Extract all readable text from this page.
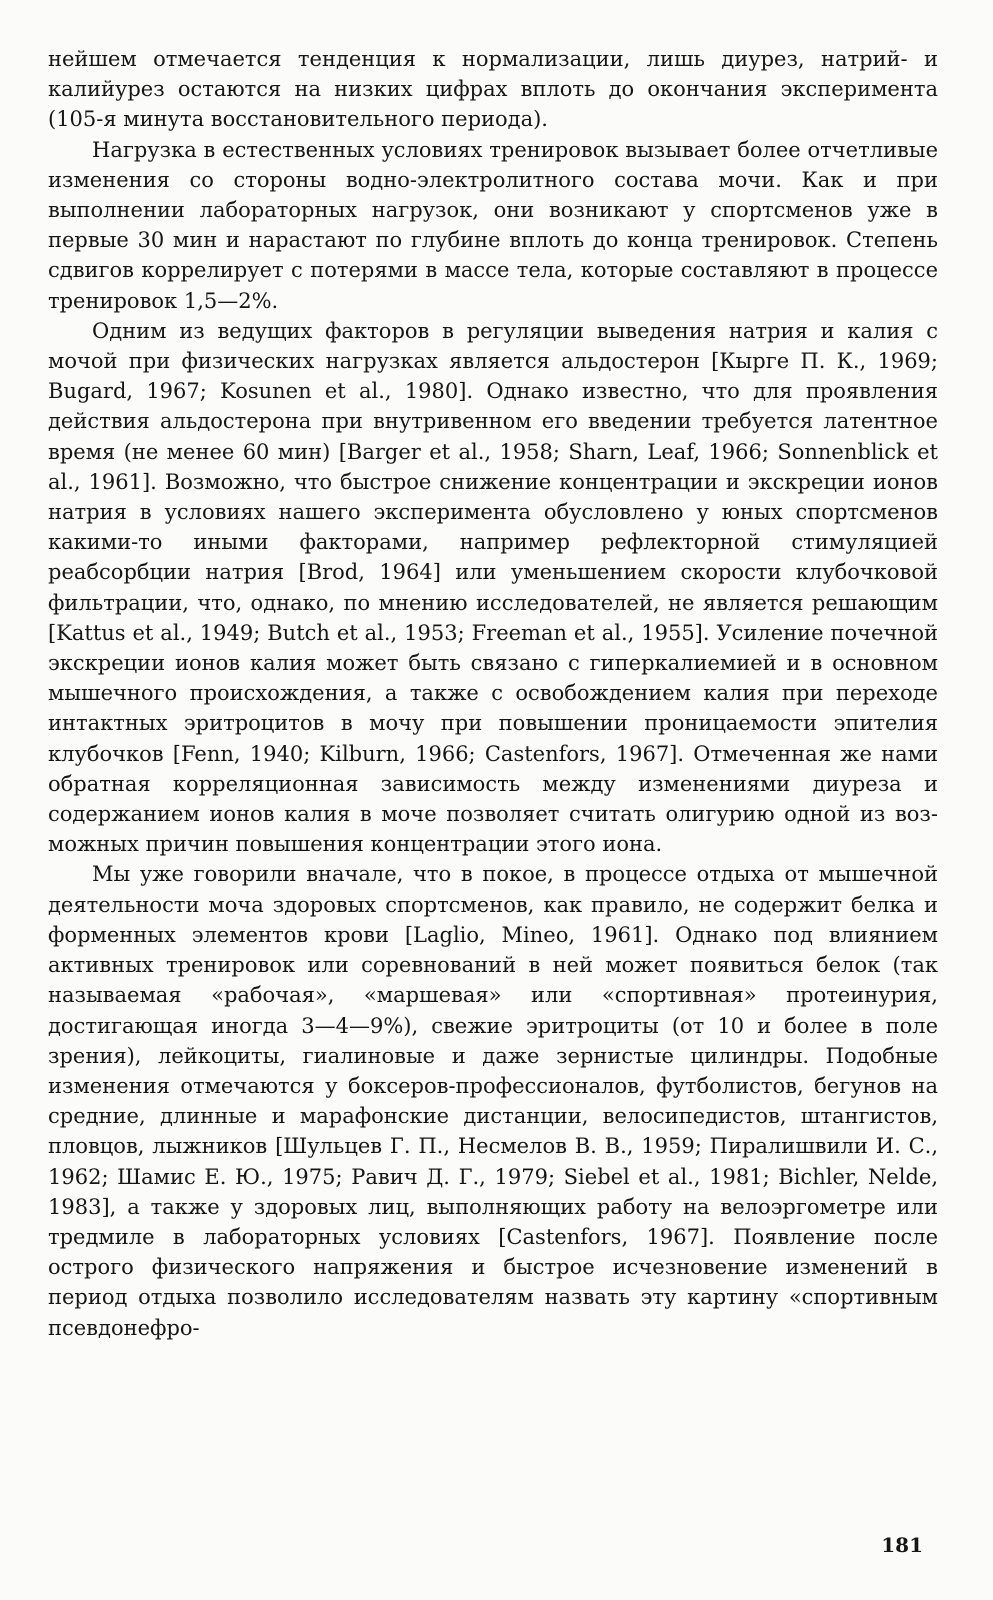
нейшем отмечается тенденция к нормализации, лишь диурез, натрий- и калийурез остаются на низких цифрах вплоть до окончания эксперимента (105-я минута восстановительного периода).

Нагрузка в естественных условиях тренировок вызывает более отчетливые изменения со стороны водно-электролитного состава мочи. Как и при выполнении лабораторных нагрузок, они возникают у спортсменов уже в первые 30 мин и нарастают по глубине вплоть до конца тренировок. Степень сдвигов коррелирует с потерями в массе тела, которые составляют в процессе тренировок 1,5—2%.

Одним из ведущих факторов в регуляции выведения натрия и калия с мочой при физических нагрузках является альдостерон [Кырге П. К., 1969; Bugard, 1967; Kosunen et al., 1980]. Однако известно, что для проявления действия альдостерона при внутривенном его введении требуется латентное время (не менее 60 мин) [Barger et al., 1958; Sharn, Leaf, 1966; Sonnenblick et al., 1961]. Возможно, что быстрое снижение концентрации и экскреции ионов натрия в условиях нашего эксперимента обусловлено у юных спортсменов какими-то иными факторами, например рефлекторной стимуляцией реабсорбции натрия [Brod, 1964] или уменьшением скорости клубочковой фильтрации, что, однако, по мнению исследователей, не является решающим [Kattus et al., 1949; Butch et al., 1953; Freeman et al., 1955]. Усиление почечной экскреции ионов калия может быть связано с гиперкалиемией и в основном мышечного происхождения, а также с освобождением калия при переходе интактных эритроцитов в мочу при повышении проницаемости эпителия клубочков [Fenn, 1940; Kilburn, 1966; Castenfors, 1967]. Отмеченная же нами обратная корреляционная зависимость между изменениями диуреза и содержанием ионов калия в моче позволяет считать олигурию одной из возможных причин повышения концентрации этого иона.

Мы уже говорили вначале, что в покое, в процессе отдыха от мышечной деятельности моча здоровых спортсменов, как правило, не содержит белка и форменных элементов крови [Laglio, Mineo, 1961]. Однако под влиянием активных тренировок или соревнований в ней может появиться белок (так называемая «рабочая», «маршевая» или «спортивная» протеинурия, достигающая иногда 3—4—9%), свежие эритроциты (от 10 и более в поле зрения), лейкоциты, гиалиновые и даже зернистые цилиндры. Подобные изменения отмечаются у боксеров-профессионалов, футболистов, бегунов на средние, длинные и марафонские дистанции, велосипедистов, штангистов, пловцов, лыжников [Шульцев Г. П., Несмелов В. В., 1959; Пиралишвили И. С., 1962; Шамис Е. Ю., 1975; Равич Д. Г., 1979; Siebel et al., 1981; Bichler, Nelde, 1983], а также у здоровых лиц, выполняющих работу на велоэргометре или тредмиле в лабораторных условиях [Castenfors, 1967]. Появление после острого физического напряжения и быстрое исчезновение изменений в период отдыха позволило исследователям назвать эту картину «спортивным псевдонефро-

181
